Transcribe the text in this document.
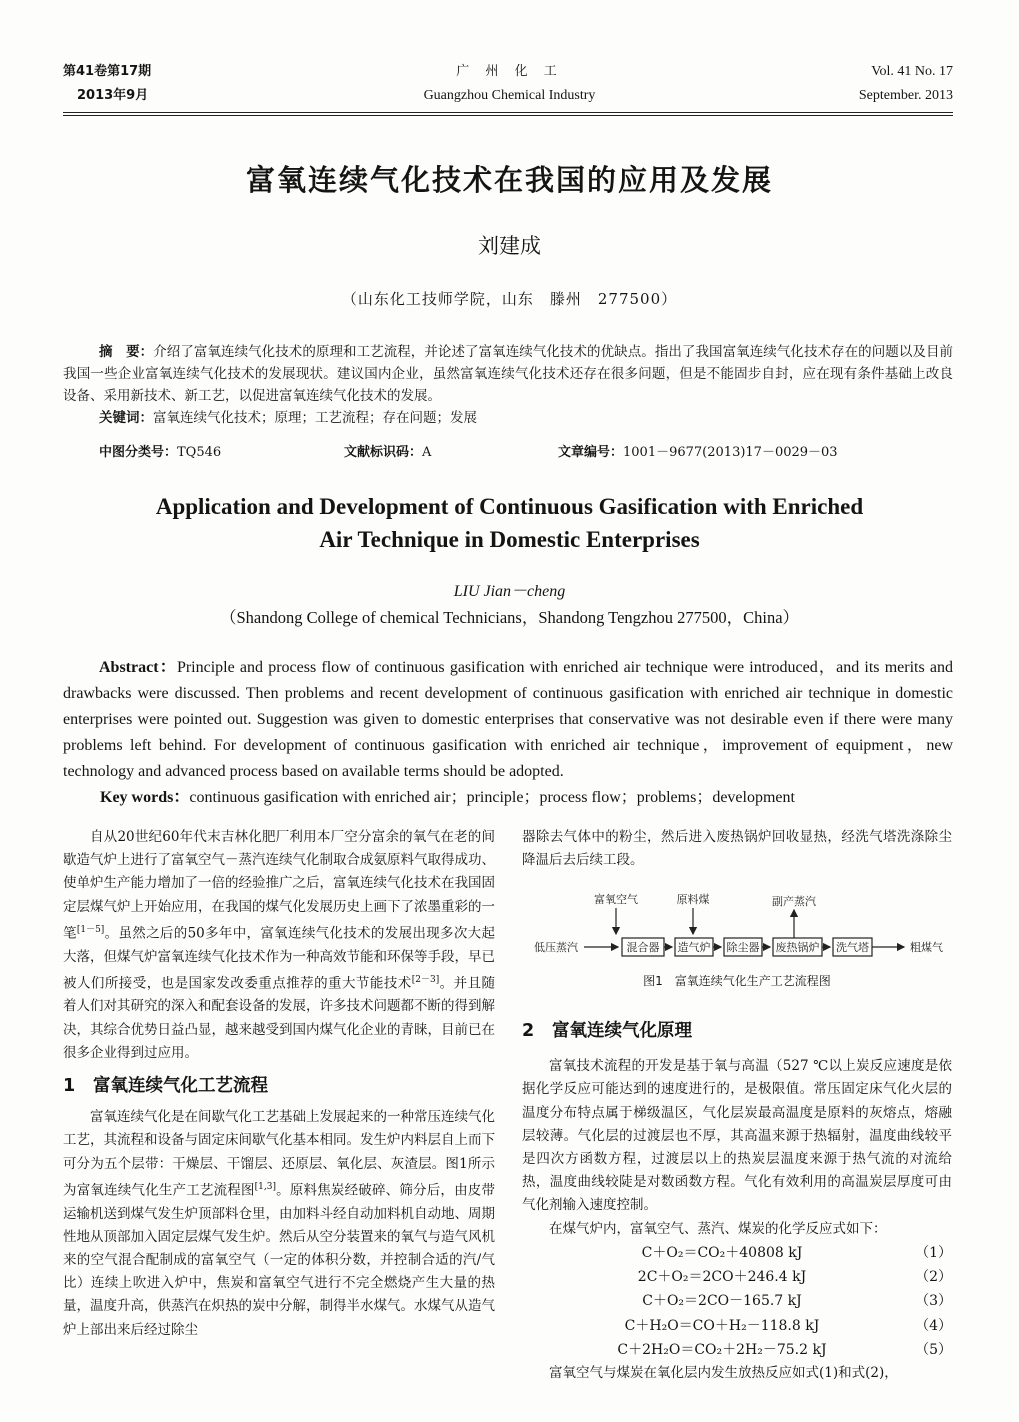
第41卷第17期
2013年9月
广 州 化 工
Guangzhou Chemical Industry
Vol. 41 No. 17
September. 2013
富氧连续气化技术在我国的应用及发展
刘建成
（山东化工技师学院，山东　滕州　277500）
摘　要：介绍了富氧连续气化技术的原理和工艺流程，并论述了富氧连续气化技术的优缺点。指出了我国富氧连续气化技术存在的问题以及目前我国一些企业富氧连续气化技术的发展现状。建议国内企业，虽然富氧连续气化技术还存在很多问题，但是不能固步自封，应在现有条件基础上改良设备、采用新技术、新工艺，以促进富氧连续气化技术的发展。
关键词：富氧连续气化技术；原理；工艺流程；存在问题；发展
中图分类号：TQ546	文献标识码：A	文章编号：1001－9677(2013)17－0029－03
Application and Development of Continuous Gasification with Enriched
Air Technique in Domestic Enterprises
LIU Jian－cheng
（Shandong College of chemical Technicians，Shandong Tengzhou 277500，China）
Abstract：Principle and process flow of continuous gasification with enriched air technique were introduced，and its merits and drawbacks were discussed. Then problems and recent development of continuous gasification with enriched air technique in domestic enterprises were pointed out. Suggestion was given to domestic enterprises that conservative was not desirable even if there were many problems left behind. For development of continuous gasification with enriched air technique，improvement of equipment，new technology and advanced process based on available terms should be adopted.
Key words：continuous gasification with enriched air；principle；process flow；problems；development

自从20世纪60年代末吉林化肥厂利用本厂空分富余的氧气在老的间歇造气炉上进行了富氧空气－蒸汽连续气化制取合成氨原料气取得成功、使单炉生产能力增加了一倍的经验推广之后，富氧连续气化技术在我国固定层煤气炉上开始应用，在我国的煤气化发展历史上画下了浓墨重彩的一笔[1－5]。虽然之后的50多年中，富氧连续气化技术的发展出现多次大起大落，但煤气炉富氧连续气化技术作为一种高效节能和环保等手段，早已被人们所接受，也是国家发改委重点推荐的重大节能技术[2－3]。并且随着人们对其研究的深入和配套设备的发展，许多技术问题都不断的得到解决，其综合优势日益凸显，越来越受到国内煤气化企业的青睐，目前已在很多企业得到过应用。

1 富氧连续气化工艺流程

富氧连续气化是在间歇气化工艺基础上发展起来的一种常压连续气化工艺，其流程和设备与固定床间歇气化基本相同。发生炉内料层自上而下可分为五个层带：干燥层、干馏层、还原层、氧化层、灰渣层。图1所示为富氧连续气化生产工艺流程图[1,3]。原料焦炭经破碎、筛分后，由皮带运输机送到煤气发生炉顶部料仓里，由加料斗经自动加料机自动地、周期性地从顶部加入固定层煤气发生炉。然后从空分装置来的氧气与造气风机来的空气混合配制成的富氧空气（一定的体积分数，并控制合适的汽/气比）连续上吹进入炉中，焦炭和富氧空气进行不完全燃烧产生大量的热量，温度升高，供蒸汽在炽热的炭中分解，制得半水煤气。水煤气从造气炉上部出来后经过除尘

器除去气体中的粉尘，然后进入废热锅炉回收显热，经洗气塔洗涤除尘降温后去后续工段。

富氧空气	原料煤	副产蒸汽
低压蒸汽	粗煤气
混合器 造气炉 除尘器 废热锅炉 洗气塔
图1　富氧连续气化生产工艺流程图
2 富氧连续气化原理

富氧技术流程的开发是基于氧与高温（527 ℃以上炭反应速度是依据化学反应可能达到的速度进行的，是极限值。常压固定床气化火层的温度分布特点属于梯级温区，气化层炭最高温度是原料的灰熔点，熔融层较薄。气化层的过渡层也不厚，其高温来源于热辐射，温度曲线较平是四次方函数方程，过渡层以上的热炭层温度来源于热气流的对流给热，温度曲线较陡是对数函数方程。气化有效利用的高温炭层厚度可由气化剂输入速度控制。

在煤气炉内，富氧空气、蒸汽、煤炭的化学反应式如下：

C＋O₂＝CO₂＋40808 kJ	（1）
2C＋O₂＝2CO＋246.4 kJ	（2）
C＋O₂＝2CO－165.7 kJ	（3）
C＋H₂O＝CO＋H₂－118.8 kJ	（4）
C＋2H₂O＝CO₂＋2H₂－75.2 kJ	（5）

富氧空气与煤炭在氧化层内发生放热反应如式(1)和式(2)，
